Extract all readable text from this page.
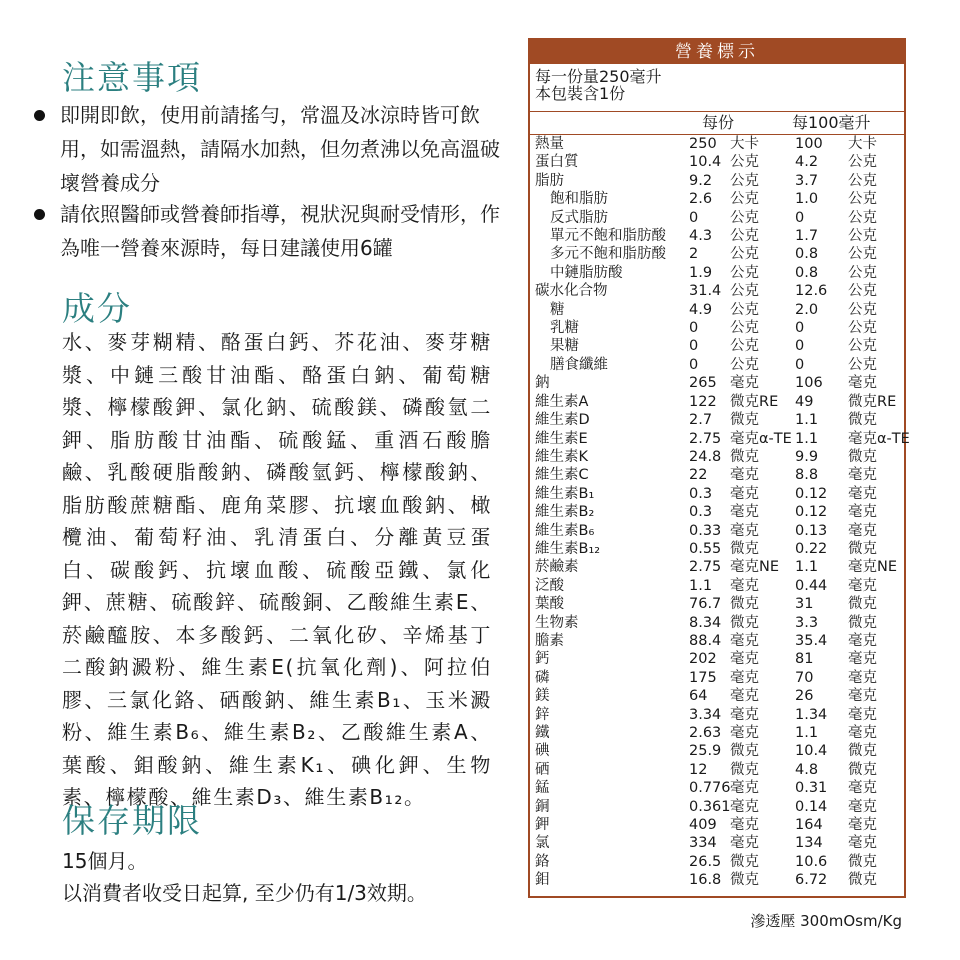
注意事項
即開即飲，使用前請搖勻，常溫及冰涼時皆可飲用，如需溫熱，請隔水加熱，但勿煮沸以免高溫破壞營養成分
請依照醫師或營養師指導，視狀況與耐受情形，作為唯一營養來源時，每日建議使用6罐
成分

水、麥芽糊精、酪蛋白鈣、芥花油、麥芽糖漿、中鏈三酸甘油酯、酪蛋白鈉、葡萄糖漿、檸檬酸鉀、氯化鈉、硫酸鎂、磷酸氫二鉀、脂肪酸甘油酯、硫酸錳、重酒石酸膽鹼、乳酸硬脂酸鈉、磷酸氫鈣、檸檬酸鈉、脂肪酸蔗糖酯、鹿角菜膠、抗壞血酸鈉、橄欖油、葡萄籽油、乳清蛋白、分離黃豆蛋白、碳酸鈣、抗壞血酸、硫酸亞鐵、氯化鉀、蔗糖、硫酸鋅、硫酸銅、乙酸維生素E、菸鹼醯胺、本多酸鈣、二氧化矽、辛烯基丁二酸鈉澱粉、維生素E(抗氧化劑)、阿拉伯膠、三氯化鉻、硒酸鈉、維生素B₁、玉米澱粉、維生素B₆、維生素B₂、乙酸維生素A、葉酸、鉬酸鈉、維生素K₁、碘化鉀、生物素、檸檬酸、維生素D₃、維生素B₁₂。

保存期限

15個月。

以消費者收受日起算, 至少仍有1/3效期。

營養標示
每一份量250毫升
本包裝含1份
每份	每100毫升
熱量	250 大卡 100 大卡
蛋白質	10.4 公克 4.2 公克
脂肪	9.2 公克 3.7 公克
飽和脂肪	2.6 公克 1.0 公克
反式脂肪	0 公克 0	公克
單元不飽和脂肪酸 4.3 公克 1.7 公克
多元不飽和脂肪酸 2 公克 0.8 公克
中鏈脂肪酸	1.9 公克 0.8 公克
碳水化合物	31.4 公克 12.6 公克
糖	4.9 公克 2.0 公克
乳糖	0 公克 0	公克
果糖	0 公克 0	公克
膳食纖維	0 公克 0	公克
鈉	265 毫克 106 毫克
維生素A	122 微克RE 49 微克RE
維生素D	2.7 微克 1.1 微克
維生素E	2.75 毫克α-TE 1.1 毫克α-TE
維生素K	24.8 微克 9.9 微克
維生素C	22 毫克 8.8 毫克
維生素B₁	0.3 毫克 0.12 毫克
維生素B₂	0.3 毫克 0.12 毫克
維生素B₆	0.33 毫克 0.13 毫克
維生素B₁₂	0.55 微克 0.22 微克
菸鹼素	2.75 毫克NE 1.1 毫克NE
泛酸	1.1 毫克 0.44 毫克
葉酸	76.7 微克 31 微克
生物素	8.34 微克 3.3 微克
膽素	88.4 毫克 35.4 毫克
鈣	202 毫克 81 毫克
磷	175 毫克 70 毫克
鎂	64 毫克 26 毫克
鋅	3.34 毫克 1.34 毫克
鐵	2.63 毫克 1.1 毫克
碘	25.9 微克 10.4 微克
硒	12 微克 4.8 微克
錳	0.776 毫克 0.31 毫克
銅	0.361 毫克 0.14 毫克
鉀	409 毫克 164 毫克
氯	334 毫克 134 毫克
鉻	26.5 微克 10.6 微克
鉬	16.8 微克 6.72 微克
滲透壓 300mOsm/Kg
